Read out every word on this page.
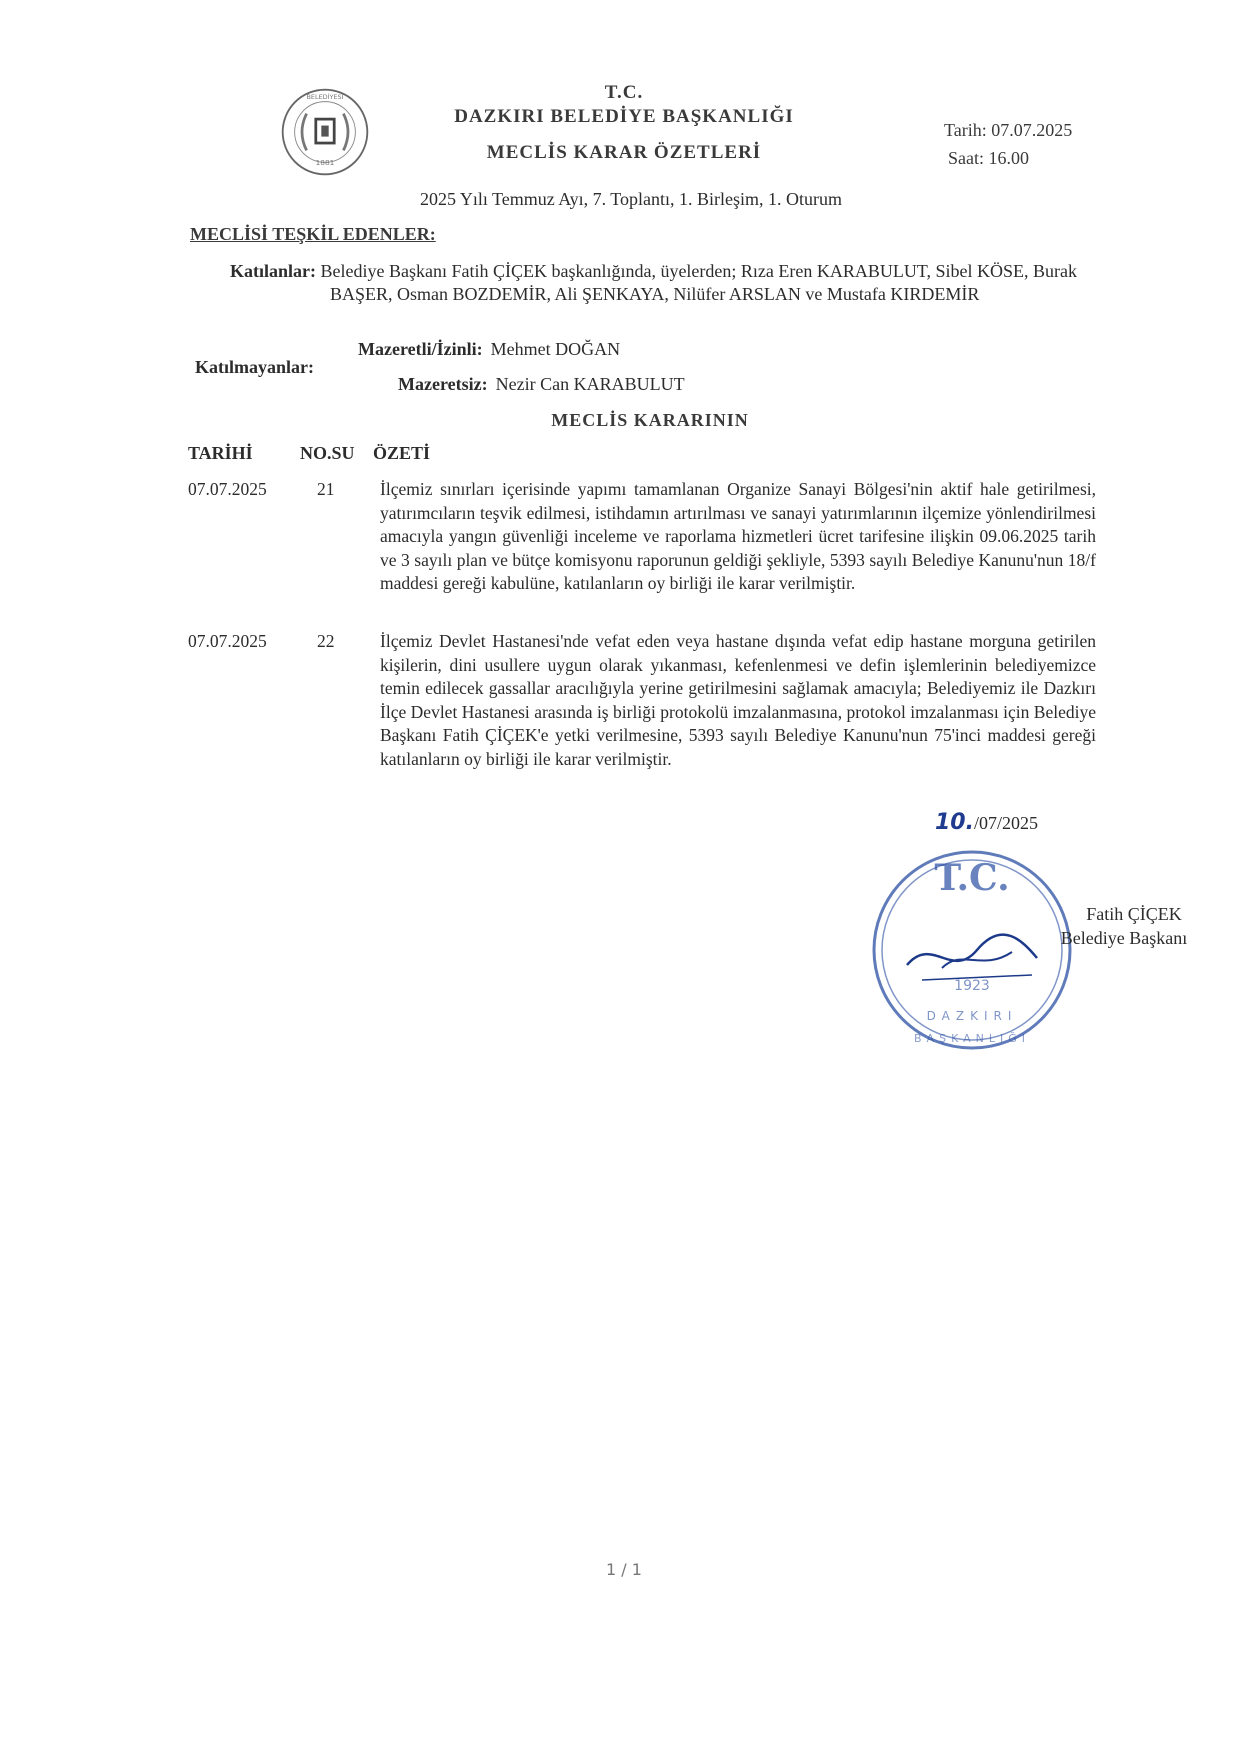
1881
BELEDİYESİ	T.C.
DAZKIRI BELEDİYE BAŞKANLIĞI
MECLİS KARAR ÖZETLERİ
Tarih: 07.07.2025
Saat: 16.00
2025 Yılı Temmuz Ayı, 7. Toplantı, 1. Birleşim, 1. Oturum
MECLİSİ TEŞKİL EDENLER:
Katılanlar: Belediye Başkanı Fatih ÇİÇEK başkanlığında, üyelerden; Rıza Eren KARABULUT, Sibel KÖSE, Burak BAŞER, Osman BOZDEMİR, Ali ŞENKAYA, Nilüfer ARSLAN ve Mustafa KIRDEMİR
Katılmayanlar:
Mazeretli/İzinli: Mehmet DOĞAN
Mazeretsiz: Nezir Can KARABULUT
MECLİS KARARININ
TARİHİ	NO.SU ÖZETİ
07.07.2025	21	İlçemiz sınırları içerisinde yapımı tamamlanan Organize Sanayi Bölgesi'nin aktif hale getirilmesi, yatırımcıların teşvik edilmesi, istihdamın artırılması ve sanayi yatırımlarının ilçemize yönlendirilmesi amacıyla yangın güvenliği inceleme ve raporlama hizmetleri ücret tarifesine ilişkin 09.06.2025 tarih ve 3 sayılı plan ve bütçe komisyonu raporunun geldiği şekliyle, 5393 sayılı Belediye Kanunu'nun 18/f maddesi gereği kabulüne, katılanların oy birliği ile karar verilmiştir.
07.07.2025	22	İlçemiz Devlet Hastanesi'nde vefat eden veya hastane dışında vefat edip hastane morguna getirilen kişilerin, dini usullere uygun olarak yıkanması, kefenlenmesi ve defin işlemlerinin belediyemizce temin edilecek gassallar aracılığıyla yerine getirilmesini sağlamak amacıyla; Belediyemiz ile Dazkırı İlçe Devlet Hastanesi arasında iş birliği protokolü imzalanmasına, protokol imzalanması için Belediye Başkanı Fatih ÇİÇEK'e yetki verilmesine, 5393 sayılı Belediye Kanunu'nun 75'inci maddesi gereği katılanların oy birliği ile karar verilmiştir.
10./07/2025
T.C.
1923
DAZKIRI
BAŞKANLIĞI
Fatih ÇİÇEK
Belediye Başkanı
1 / 1
